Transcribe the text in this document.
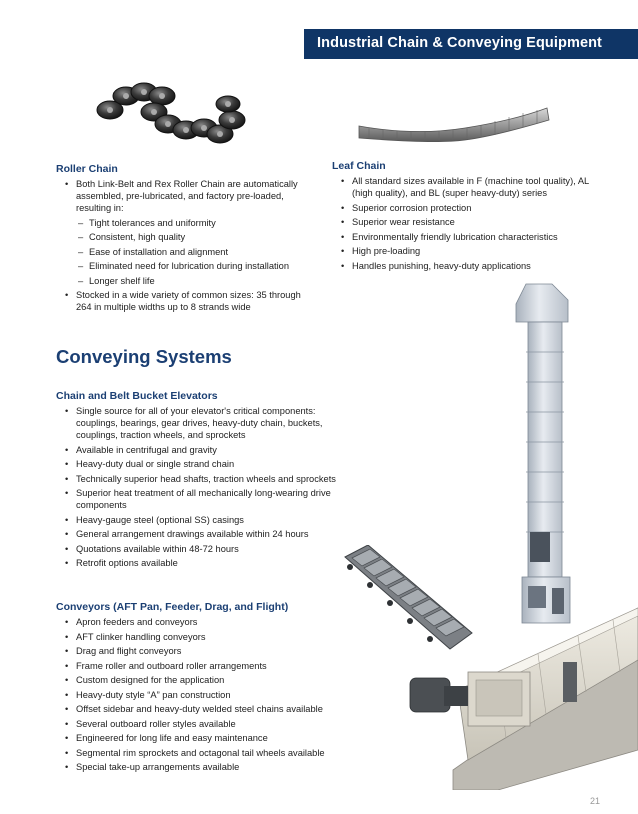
Industrial Chain & Conveying Equipment
Roller Chain
• Both Link-Belt and Rex Roller Chain are automatically assembled, pre-lubricated, and factory pre-loaded, resulting in:
– Tight tolerances and uniformity
– Consistent, high quality
– Ease of installation and alignment
– Eliminated need for lubrication during installation
– Longer shelf life
• Stocked in a wide variety of common sizes: 35 through 264 in multiple widths up to 8 strands wide
Leaf Chain
• All standard sizes available in F (machine tool quality), AL (high quality), and BL (super heavy-duty) series
• Superior corrosion protection
• Superior wear resistance
• Environmentally friendly lubrication characteristics
• High pre-loading
• Handles punishing, heavy-duty applications
Conveying Systems
Chain and Belt Bucket Elevators
• Single source for all of your elevator's critical components: couplings, bearings, gear drives, heavy-duty chain, buckets, couplings, traction wheels, and sprockets
• Available in centrifugal and gravity
• Heavy-duty dual or single strand chain
• Technically superior head shafts, traction wheels and sprockets
• Superior heat treatment of all mechanically long-wearing drive components
• Heavy-gauge steel (optional SS) casings
• General arrangement drawings available within 24 hours
• Quotations available within 48-72 hours
• Retrofit options available
Conveyors (AFT Pan, Feeder, Drag, and Flight)
• Apron feeders and conveyors
• AFT clinker handling conveyors
• Drag and flight conveyors
• Frame roller and outboard roller arrangements
• Custom designed for the application
• Heavy-duty style “A” pan construction
• Offset sidebar and heavy-duty welded steel chains available
• Several outboard roller styles available
• Engineered for long life and easy maintenance
• Segmental rim sprockets and octagonal tail wheels available
• Special take-up arrangements available
21
